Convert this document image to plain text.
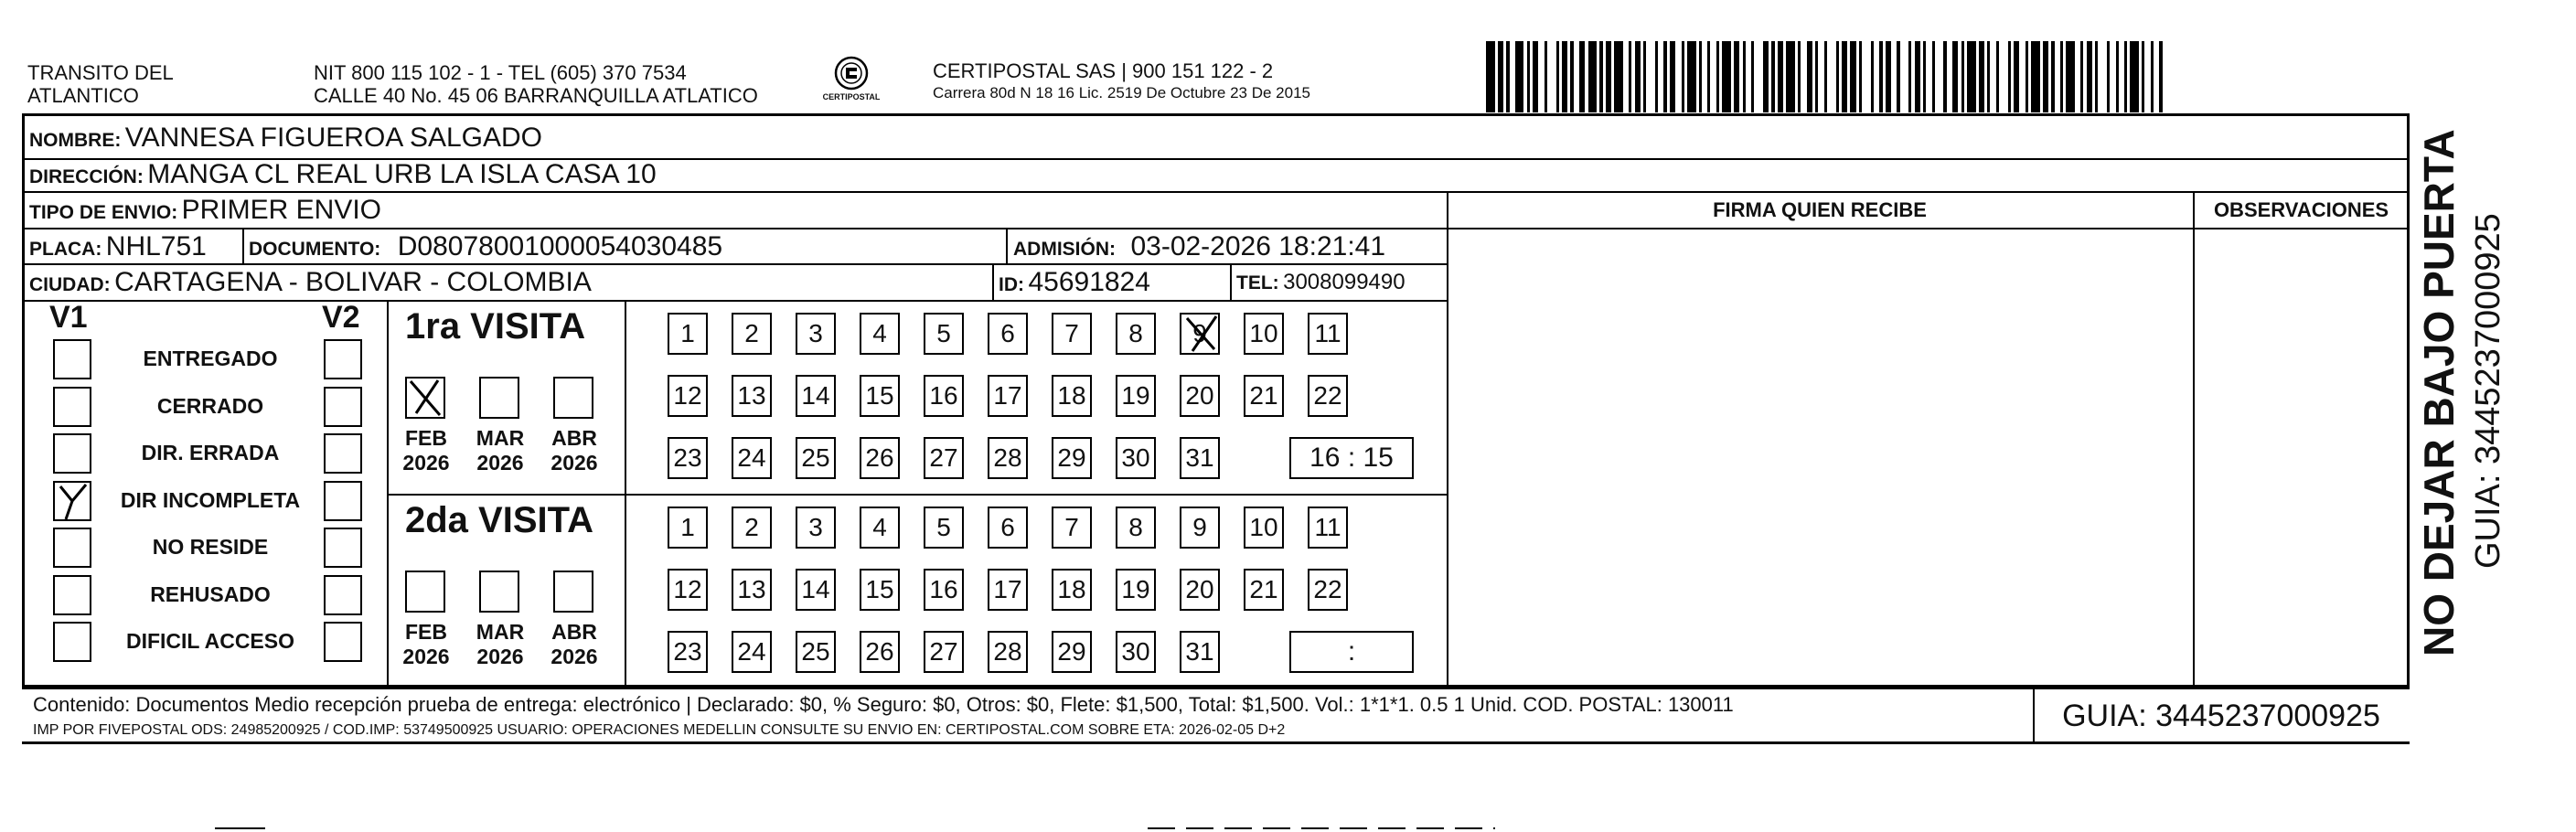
TRANSITO DEL
ATLANTICO
NIT 800 115 102 - 1 - TEL (605) 370 7534
CALLE 40 No. 45 06 BARRANQUILLA ATLATICO	CERTIPOSTAL
CERTIPOSTAL SAS | 900 151 122 - 2
Carrera 80d N 18 16 Lic. 2519 De Octubre 23 De 2015
NOMBRE: VANNESA FIGUEROA SALGADO
DIRECCIÓN: MANGA CL REAL URB LA ISLA CASA 10
TIPO DE ENVIO: PRIMER ENVIO	FIRMA QUIEN RECIBE	OBSERVACIONES
PLACA: NHL751 DOCUMENTO: D08078001000054030485	ADMISIÓN: 03-02-2026 18:21:41
CIUDAD: CARTAGENA - BOLIVAR - COLOMBIA	ID: 45691824	TEL: 3008099490
V1	V2
ENTREGADO
CERRADO
DIR. ERRADA
DIR INCOMPLETA
NO RESIDE
REHUSADO
DIFICIL ACCESO
1ra VISITA
FEB
2026
MAR
2026
ABR
2026
1	2	3	4	5	6	7	8	9	10 11
12 13 14 15 16 17 18 19 20 21 22
23 24 25 26 27 28 29 30 31	16 : 15
2da VISITA
FEB
2026
MAR
2026
ABR
2026
1	2	3	4	5	6	7	8	9	10 11
12 13 14 15 16 17 18 19 20 21 22
23 24 25 26 27 28 29 30 31	:
Contenido: Documentos Medio recepción prueba de entrega: electrónico | Declarado: $0, % Seguro: $0, Otros: $0, Flete: $1,500, Total: $1,500. Vol.: 1*1*1. 0.5 1 Unid. COD. POSTAL: 130011
IMP POR FIVEPOSTAL ODS: 24985200925 / COD.IMP: 53749500925 USUARIO: OPERACIONES MEDELLIN CONSULTE SU ENVIO EN: CERTIPOSTAL.COM SOBRE ETA: 2026-02-05 D+2	GUIA: 3445237000925
NO DEJAR BAJO PUERTA GUIA: 3445237000925
